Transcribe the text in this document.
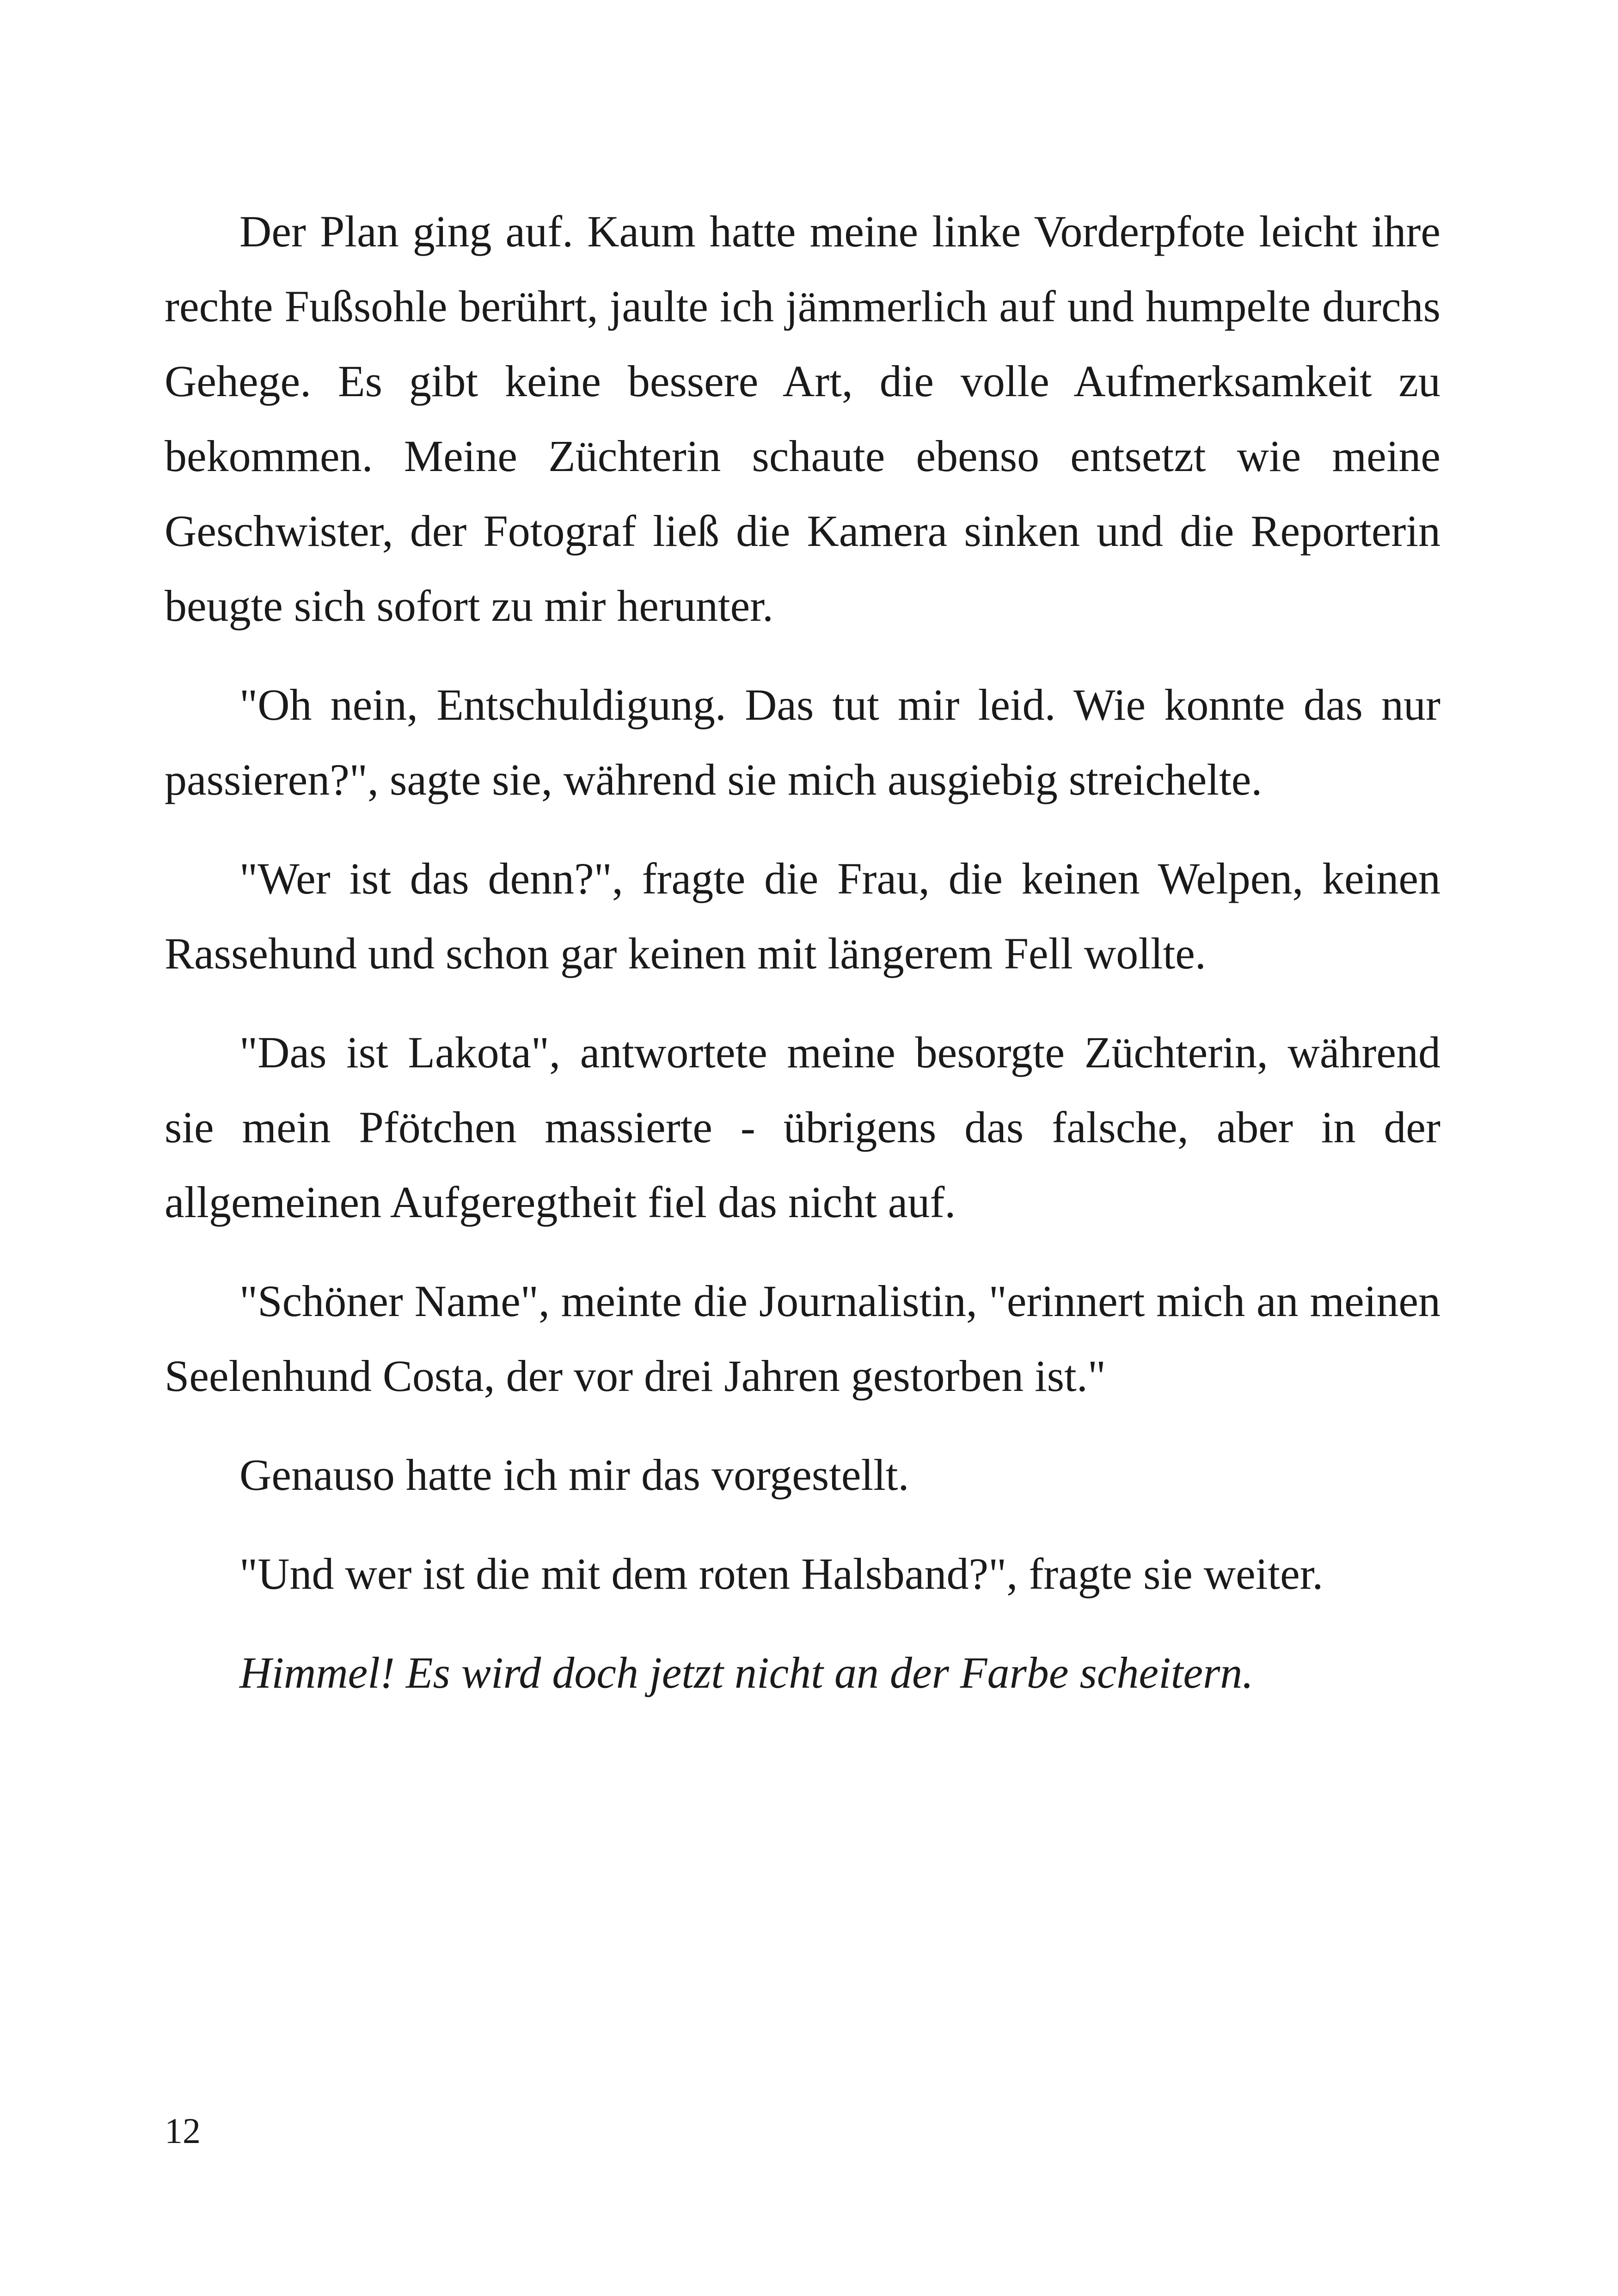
Der Plan ging auf. Kaum hatte meine linke Vorderpfote leicht ihre rechte Fußsohle berührt, jaulte ich jämmerlich auf und humpelte durchs Gehege. Es gibt keine bessere Art, die volle Aufmerksamkeit zu bekommen. Meine Züchterin schaute ebenso entsetzt wie meine Geschwister, der Fotograf ließ die Kamera sinken und die Reporterin beugte sich sofort zu mir herunter.

"Oh nein, Entschuldigung. Das tut mir leid. Wie konnte das nur passieren?", sagte sie, während sie mich ausgiebig streichelte.

"Wer ist das denn?", fragte die Frau, die keinen Welpen, keinen Rassehund und schon gar keinen mit längerem Fell wollte.

"Das ist Lakota", antwortete meine besorgte Züchterin, während sie mein Pfötchen massierte - übrigens das falsche, aber in der allgemeinen Aufgeregtheit fiel das nicht auf.

"Schöner Name", meinte die Journalistin, "erinnert mich an meinen Seelenhund Costa, der vor drei Jahren gestorben ist."

Genauso hatte ich mir das vorgestellt.

"Und wer ist die mit dem roten Halsband?", fragte sie weiter.

Himmel! Es wird doch jetzt nicht an der Farbe scheitern.

12
